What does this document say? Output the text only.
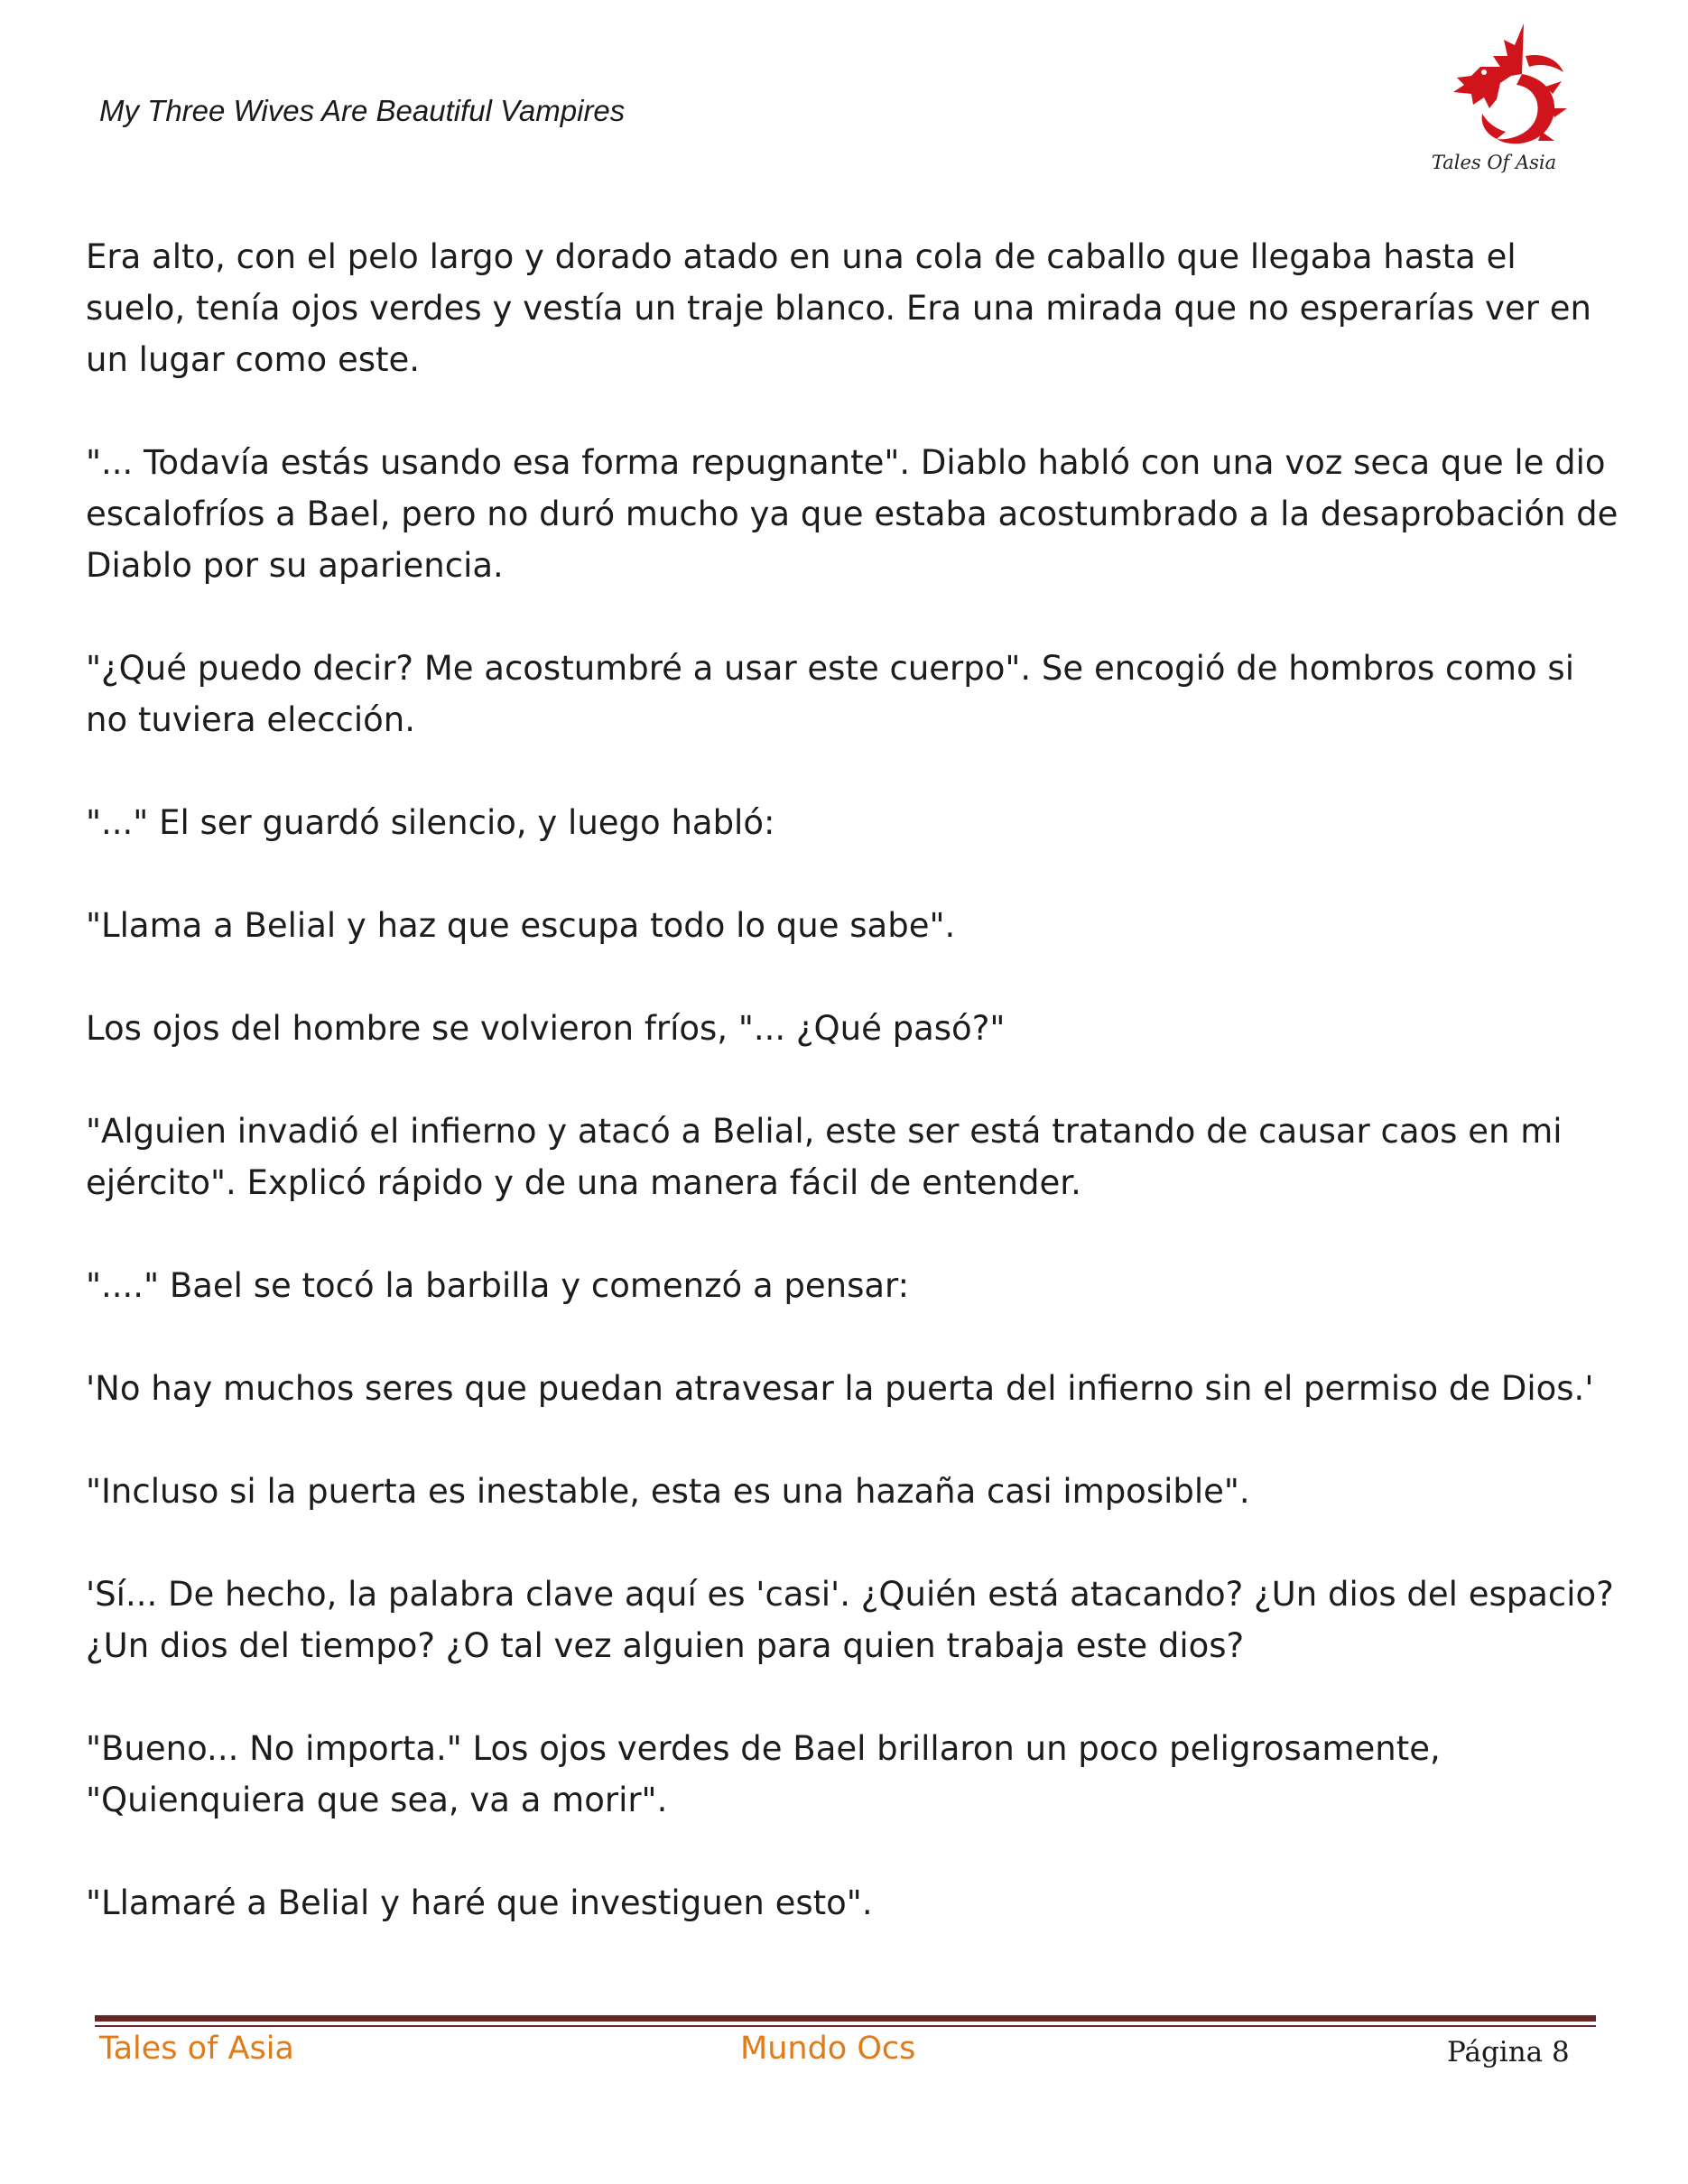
My Three Wives Are Beautiful Vampires
Tales Of Asia

Era alto, con el pelo largo y dorado atado en una cola de caballo que llegaba hasta el suelo, tenía ojos verdes y vestía un traje blanco. Era una mirada que no esperarías ver en un lugar como este.

"... Todavía estás usando esa forma repugnante". Diablo habló con una voz seca que le dio escalofríos a Bael, pero no duró mucho ya que estaba acostumbrado a la desaprobación de Diablo por su apariencia.

"¿Qué puedo decir? Me acostumbré a usar este cuerpo". Se encogió de hombros como si no tuviera elección.

"..." El ser guardó silencio, y luego habló:

"Llama a Belial y haz que escupa todo lo que sabe".

Los ojos del hombre se volvieron fríos, "... ¿Qué pasó?"

"Alguien invadió el infierno y atacó a Belial, este ser está tratando de causar caos en mi ejército". Explicó rápido y de una manera fácil de entender.

"...." Bael se tocó la barbilla y comenzó a pensar:

'No hay muchos seres que puedan atravesar la puerta del infierno sin el permiso de Dios.'

"Incluso si la puerta es inestable, esta es una hazaña casi imposible".

'Sí... De hecho, la palabra clave aquí es 'casi'. ¿Quién está atacando? ¿Un dios del espacio? ¿Un dios del tiempo? ¿O tal vez alguien para quien trabaja este dios?

"Bueno... No importa." Los ojos verdes de Bael brillaron un poco peligrosamente, "Quienquiera que sea, va a morir".

"Llamaré a Belial y haré que investiguen esto".

Tales of Asia	Mundo Ocs	Página 8
